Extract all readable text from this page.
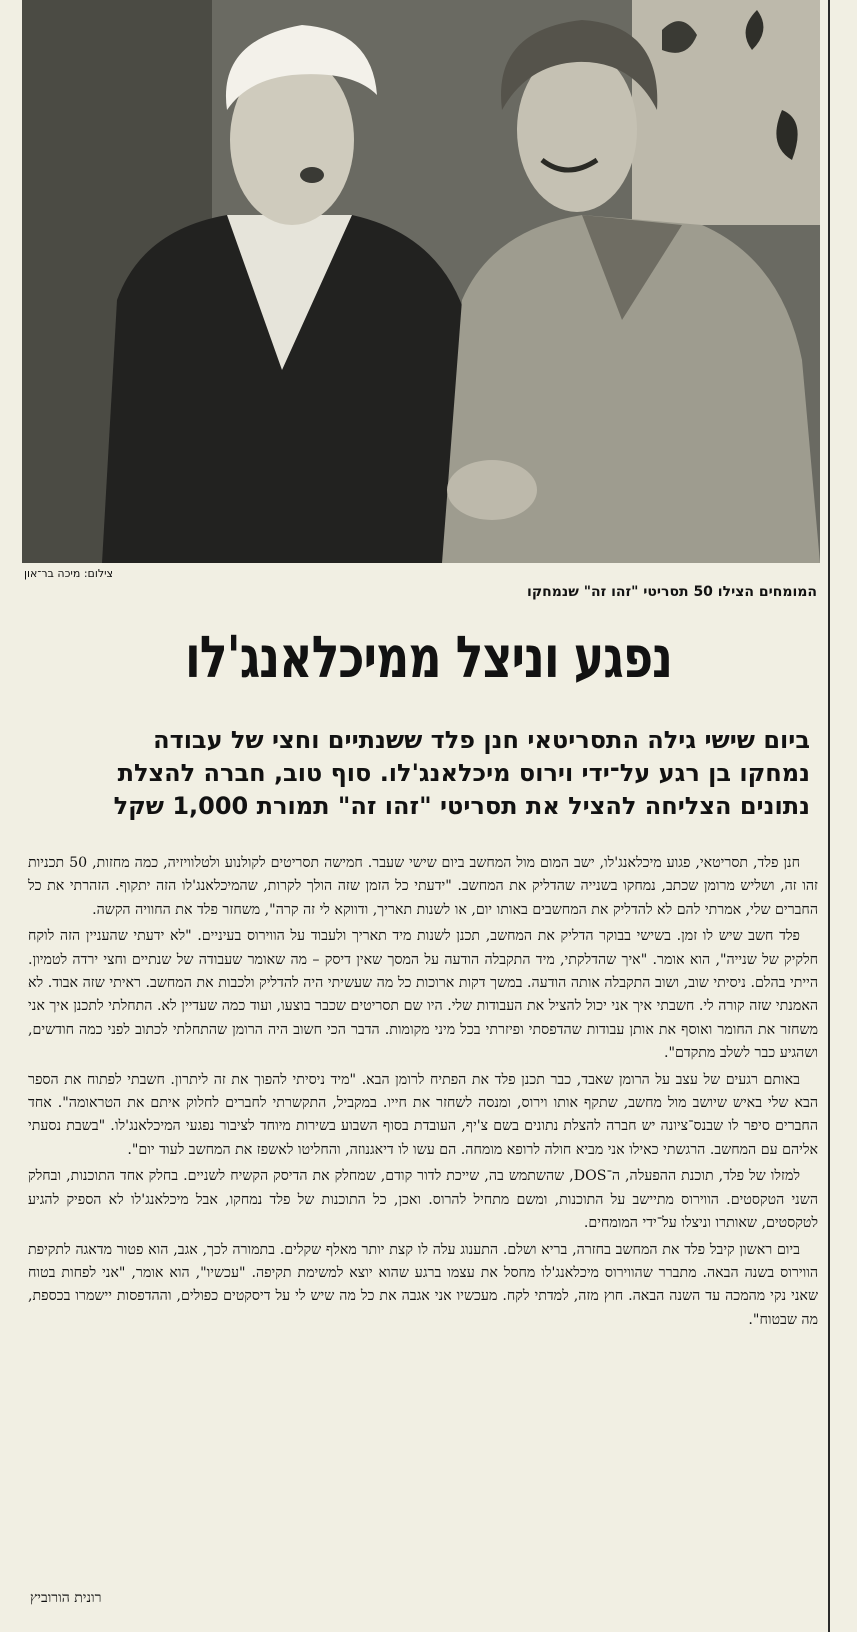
צילום: מיכה בר־און
המומחים הצילו 50 תסריטי "זהו זה" שנמחקו
נפגע וניצל ממיכלאנג'לו
ביום שישי גילה התסריטאי חנן פלד ששנתיים וחצי של עבודה נמחקו בן רגע על־ידי וירוס מיכלאנג'לו. סוף טוב, חברה להצלת נתונים הצליחה להציל את תסריטי "זהו זה" תמורת 1,000 שקל

חנן פלד, תסריטאי, פגוע מיכלאנג'לו, ישב המום מול המחשב ביום שישי שעבר. חמישה תסריטים לקולנוע ולטלוויזיה, כמה מחזות, 50 תכניות זהו זה, ושליש מרומן שכתב, נמחקו בשנייה שהדליק את המחשב. "ידעתי כל הזמן שזה הולך לקרות, שהמיכלאנג'לו הזה יתקוף. הזהרתי את כל החברים שלי, אמרתי להם לא להדליק את המחשבים באותו יום, או לשנות תאריך, ודווקא לי זה קרה", משחזר פלד את החוויה הקשה.

פלד חשב שיש לו זמן. בשישי בבוקר הדליק את המחשב, תכנן לשנות מיד תאריך ולעבוד על הווירוס בעיניים. "לא ידעתי שהעניין הזה לוקח חלקיק של שנייה", הוא אומר. "איך שהדלקתי, מיד התקבלה הודעה על המסך שאין דיסק – מה שאומר שעבודה של שנתיים וחצי ירדה לטמיון. הייתי בהלם. ניסיתי שוב, ושוב התקבלה אותה הודעה. במשך דקות ארוכות כל מה שעשיתי היה להדליק ולכבות את המחשב. ראיתי שזה אבוד. לא האמנתי שזה קורה לי. חשבתי איך אני יכול להציל את העבודות שלי. היו שם תסריטים שכבר בוצעו, ועוד כמה שעדיין לא. התחלתי לתכנן איך אני משחזר את החומר ואוסף את אותן עבודות שהדפסתי ופיזרתי בכל מיני מקומות. הדבר הכי חשוב היה הרומן שהתחלתי לכתוב לפני כמה חודשים, ושהגיע כבר לשלב מתקדם".

באותם רגעים של עצב על הרומן שאבד, כבר תכנן פלד את הפתיח לרומן הבא. "מיד ניסיתי להפוך את זה ליתרון. חשבתי לפתוח את הספר הבא שלי באיש שיושב מול מחשב, שתקף אותו וירוס, ומנסה לשחזר את חייו. במקביל, התקשרתי לחברים לחלוק איתם את הטראומה". אחד החברים סיפר לו שבנס־ציונה יש חברה להצלת נתונים בשם צ'יף, העובדת בסוף השבוע בשירות מיוחד לציבור נפגעי המיכלאנג'לו. "בשבת נסעתי אליהם עם המחשב. הרגשתי כאילו אני מביא חולה לרופא מומחה. הם עשו לו דיאגנוזה, והחליטו לאשפז את המחשב לעוד יום".

למזלו של פלד, תוכנת ההפעלה, ה־DOS, שהשתמש בה, שייכת לדור קודם, שמחלק את הדיסק הקשיח לשניים. בחלק אחד התוכנות, ובחלק השני הטקסטים. הווירוס מתיישב על התוכנות, ומשם מתחיל להרוס. ואכן, כל התוכנות של פלד נמחקו, אבל מיכלאנג'לו לא הספיק להגיע לטקסטים, שאותרו וניצלו על־ידי המומחים.

ביום ראשון קיבל פלד את המחשב בחזרה, בריא ושלם. התענוג עלה לו קצת יותר מאלף שקלים. בתמורה לכך, אגב, הוא פטור מדאגה לתקיפת הווירוס בשנה הבאה. מתברר שהווירוס מיכלאנג'לו מחסל את עצמו ברגע שהוא יוצא למשימת תקיפה. "עכשיו", הוא אומר, "אני לפחות בטוח שאני נקי מהמכה עד השנה הבאה. חוץ מזה, למדתי לקח. מעכשיו אני אגבה את כל מה שיש לי על דיסקטים כפולים, וההדפסות יישמרו בכספת, מה שבטוח".

רונית הורוביץ
